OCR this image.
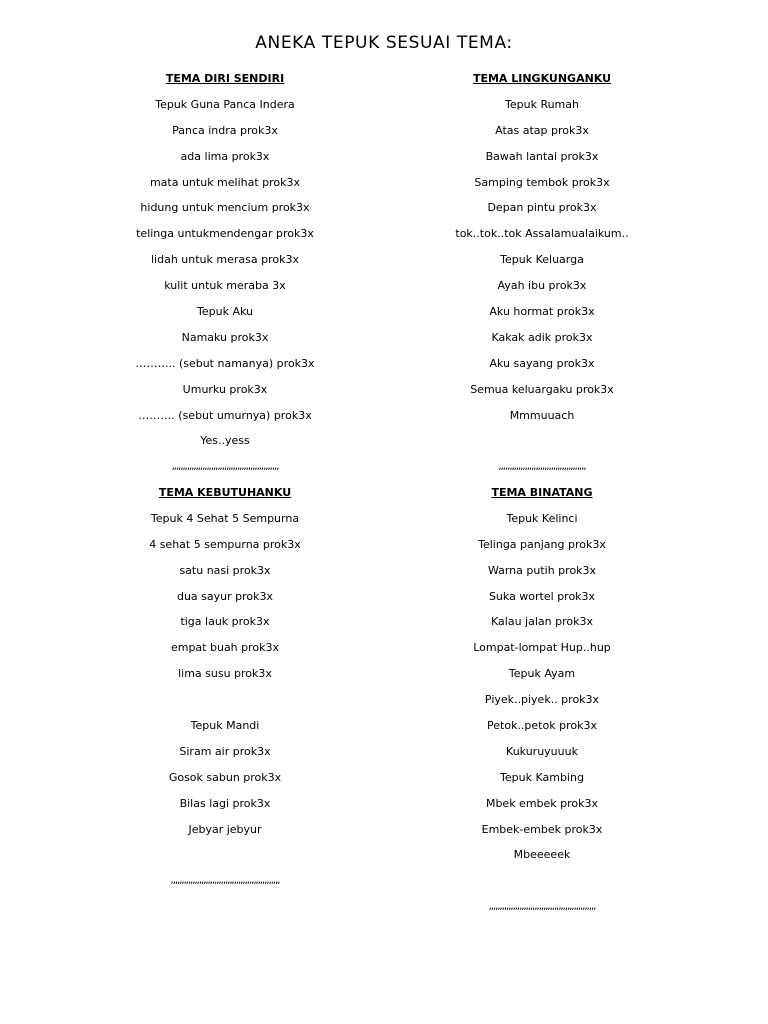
ANEKA TEPUK SESUAI TEMA:
TEMA DIRI SENDIRI
Tepuk Guna Panca Indera
Panca indra prok3x
ada lima prok3x
mata untuk melihat prok3x
hidung untuk mencium prok3x
telinga untukmendengar prok3x
lidah untuk merasa prok3x
kulit untuk meraba 3x
Tepuk Aku
Namaku prok3x
……….. (sebut namanya) prok3x
Umurku prok3x
………. (sebut umurnya) prok3x
Yes..yess
,,,,,,,,,,,,,,,,,,,,,,,,,,,,,,,,,,,,,,,,,,,,,,,,,
TEMA LINGKUNGANKU
Tepuk Rumah
Atas atap prok3x
Bawah lantai prok3x
Samping tembok prok3x
Depan pintu prok3x
tok..tok..tok Assalamualaikum..
Tepuk Keluarga
Ayah ibu prok3x
Aku hormat prok3x
Kakak adik prok3x
Aku sayang prok3x
Semua keluargaku prok3x
Mmmuuach
,,,,,,,,,,,,,,,,,,,,,,,,,,,,,,,,,,,,,,,,
TEMA KEBUTUHANKU
Tepuk 4 Sehat 5 Sempurna
4 sehat 5 sempurna prok3x
satu nasi prok3x
dua sayur prok3x
tiga lauk prok3x
empat buah prok3x
lima susu prok3x
Tepuk Mandi
Siram air prok3x
Gosok sabun prok3x
Bilas lagi prok3x
Jebyar jebyur
,,,,,,,,,,,,,,,,,,,,,,,,,,,,,,,,,,,,,,,,,,,,,,,,,,
TEMA BINATANG
Tepuk Kelinci
Telinga panjang prok3x
Warna putih prok3x
Suka wortel prok3x
Kalau jalan prok3x
Lompat-lompat Hup..hup
Tepuk Ayam
Piyek..piyek.. prok3x
Petok..petok prok3x
Kukuruyuuuk
Tepuk Kambing
Mbek embek prok3x
Embek-embek prok3x
Mbeeeeek
,,,,,,,,,,,,,,,,,,,,,,,,,,,,,,,,,,,,,,,,,,,,,,,,,
